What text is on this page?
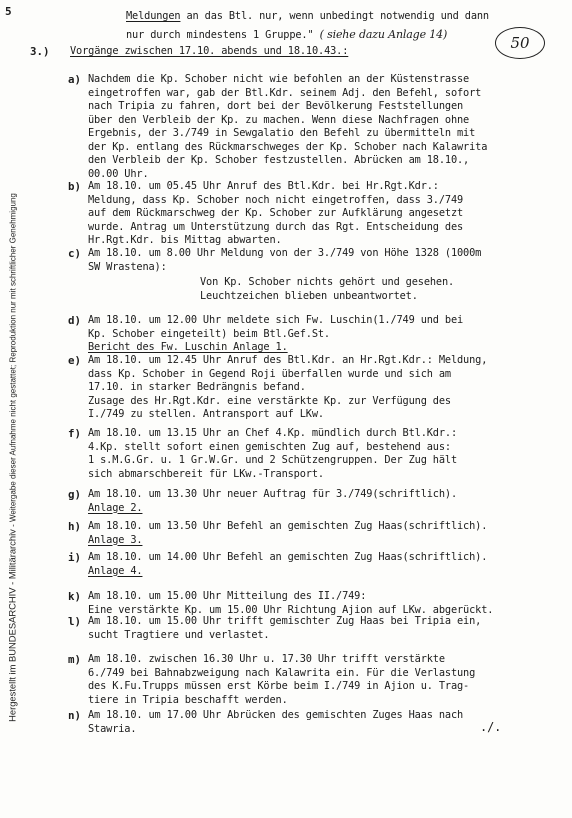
5
50
Hergestellt im BUNDESARCHIV - Militärarchiv - Weitergabe dieser Aufnahme nicht gestattet; Reproduktion nur mit schriftlicher Genehmigung
Meldungen an das Btl. nur, wenn unbedingt notwendig und dann
nur durch mindestens 1 Gruppe." ( siehe dazu Anlage 14)
3.) Vorgänge zwischen 17.10. abends und 18.10.43.:
a) Nachdem die Kp. Schober nicht wie befohlen an der Küstenstrasse
eingetroffen war, gab der Btl.Kdr. seinem Adj. den Befehl, sofort
nach Tripia zu fahren, dort bei der Bevölkerung Feststellungen
über den Verbleib der Kp. zu machen. Wenn diese Nachfragen ohne
Ergebnis, der 3./749 in Sewgalatio den Befehl zu übermitteln mit
der Kp. entlang des Rückmarschweges der Kp. Schober nach Kalawrita
den Verbleib der Kp. Schober festzustellen. Abrücken am 18.10.,
00.00 Uhr.
b) Am 18.10. um 05.45 Uhr Anruf des Btl.Kdr. bei Hr.Rgt.Kdr.:
Meldung, dass Kp. Schober noch nicht eingetroffen, dass 3./749
auf dem Rückmarschweg der Kp. Schober zur Aufklärung angesetzt
wurde. Antrag um Unterstützung durch das Rgt. Entscheidung des
Hr.Rgt.Kdr. bis Mittag abwarten.
c) Am 18.10. um 8.00 Uhr Meldung von der 3./749 von Höhe 1328 (1000m
SW Wrastena):
Von Kp. Schober nichts gehört und gesehen.
Leuchtzeichen blieben unbeantwortet.
d) Am 18.10. um 12.00 Uhr meldete sich Fw. Luschin(1./749 und bei
Kp. Schober eingeteilt) beim Btl.Gef.St.
Bericht des Fw. Luschin Anlage 1.
e) Am 18.10. um 12.45 Uhr Anruf des Btl.Kdr. an Hr.Rgt.Kdr.: Meldung,
dass Kp. Schober in Gegend Roji überfallen wurde und sich am
17.10. in starker Bedrängnis befand.
Zusage des Hr.Rgt.Kdr. eine verstärkte Kp. zur Verfügung des
I./749 zu stellen. Antransport auf LKw.
f) Am 18.10. um 13.15 Uhr an Chef 4.Kp. mündlich durch Btl.Kdr.:
4.Kp. stellt sofort einen gemischten Zug auf, bestehend aus:
1 s.M.G.Gr. u. 1 Gr.W.Gr. und 2 Schützengruppen. Der Zug hält
sich abmarschbereit für LKw.-Transport.
g) Am 18.10. um 13.30 Uhr neuer Auftrag für 3./749(schriftlich).
Anlage 2.
h) Am 18.10. um 13.50 Uhr Befehl an gemischten Zug Haas(schriftlich).
Anlage 3.
i) Am 18.10. um 14.00 Uhr Befehl an gemischten Zug Haas(schriftlich).
Anlage 4.
k) Am 18.10. um 15.00 Uhr Mitteilung des II./749:
Eine verstärkte Kp. um 15.00 Uhr Richtung Ajion auf LKw. abgerückt.
l) Am 18.10. um 15.00 Uhr trifft gemischter Zug Haas bei Tripia ein,
sucht Tragtiere und verlastet.
m) Am 18.10. zwischen 16.30 Uhr u. 17.30 Uhr trifft verstärkte
6./749 bei Bahnabzweigung nach Kalawrita ein. Für die Verlastung
des K.Fu.Trupps müssen erst Körbe beim I./749 in Ajion u. Trag-
tiere in Tripia beschafft werden.
n) Am 18.10. um 17.00 Uhr Abrücken des gemischten Zuges Haas nach
Stawria.	./.
